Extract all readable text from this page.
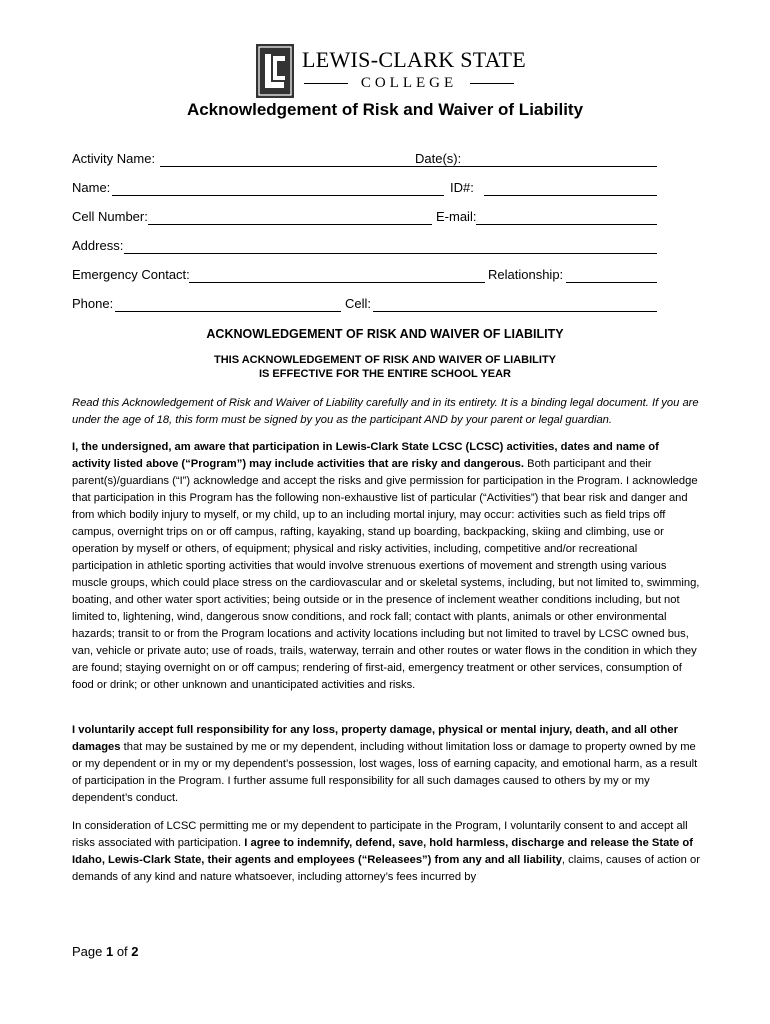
LEWIS-CLARK STATE
COLLEGE
Acknowledgement of Risk and Waiver of Liability
Activity Name:	Date(s):
Name:	ID#:
Cell Number:	E-mail:
Address:
Emergency Contact:	Relationship:
Phone:	Cell:
ACKNOWLEDGEMENT OF RISK AND WAIVER OF LIABILITY
THIS ACKNOWLEDGEMENT OF RISK AND WAIVER OF LIABILITY
IS EFFECTIVE FOR THE ENTIRE SCHOOL YEAR
Read this Acknowledgement of Risk and Waiver of Liability carefully and in its entirety. It is a binding legal document. If you are under the age of 18, this form must be signed by you as the participant AND by your parent or legal guardian.

I, the undersigned, am aware that participation in Lewis-Clark State LCSC (LCSC) activities, dates and name of activity listed above (“Program”) may include activities that are risky and dangerous. Both participant and their parent(s)/guardians (“I”) acknowledge and accept the risks and give permission for participation in the Program. I acknowledge that participation in this Program has the following non-exhaustive list of particular (“Activities”) that bear risk and danger and from which bodily injury to myself, or my child, up to an including mortal injury, may occur: activities such as field trips off campus, overnight trips on or off campus, rafting, kayaking, stand up boarding, backpacking, skiing and climbing, use or operation by myself or others, of equipment; physical and risky activities, including, competitive and/or recreational participation in athletic sporting activities that would involve strenuous exertions of movement and strength using various muscle groups, which could place stress on the cardiovascular and or skeletal systems, including, but not limited to, swimming, boating, and other water sport activities; being outside or in the presence of inclement weather conditions including, but not limited to, lightening, wind, dangerous snow conditions, and rock fall; contact with plants, animals or other environmental hazards; transit to or from the Program locations and activity locations including but not limited to travel by LCSC owned bus, van, vehicle or private auto; use of roads, trails, waterway, terrain and other routes or water flows in the condition in which they are found; staying overnight on or off campus; rendering of first-aid, emergency treatment or other services, consumption of food or drink; or other unknown and unanticipated activities and risks.

I voluntarily accept full responsibility for any loss, property damage, physical or mental injury, death, and all other damages that may be sustained by me or my dependent, including without limitation loss or damage to property owned by me or my dependent or in my or my dependent’s possession, lost wages, loss of earning capacity, and emotional harm, as a result of participation in the Program. I further assume full responsibility for all such damages caused to others by my or my dependent’s conduct.

In consideration of LCSC permitting me or my dependent to participate in the Program, I voluntarily consent to and accept all risks associated with participation. I agree to indemnify, defend, save, hold harmless, discharge and release the State of Idaho, Lewis-Clark State, their agents and employees (“Releasees”) from any and all liability, claims, causes of action or demands of any kind and nature whatsoever, including attorney’s fees incurred by

Page 1 of 2
